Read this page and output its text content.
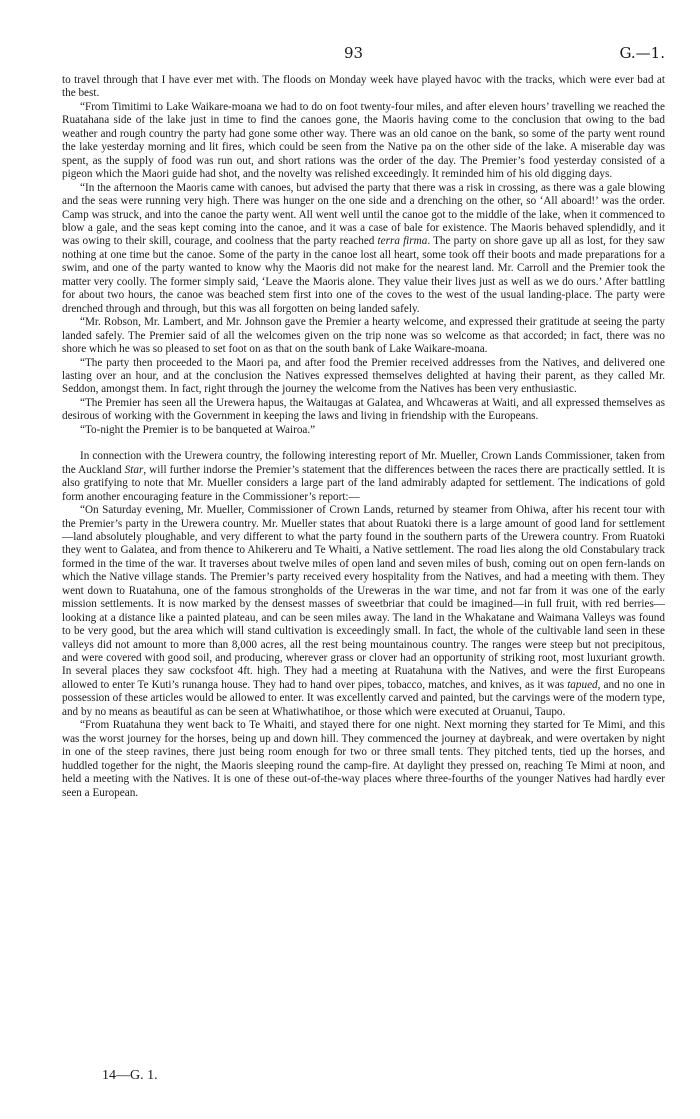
93	G.—1.

to travel through that I have ever met with. The floods on Monday week have played havoc with the tracks, which were ever bad at the best.

“From Timitimi to Lake Waikare-moana we had to do on foot twenty-four miles, and after eleven hours’ travelling we reached the Ruatahana side of the lake just in time to find the canoes gone, the Maoris having come to the conclusion that owing to the bad weather and rough country the party had gone some other way. There was an old canoe on the bank, so some of the party went round the lake yesterday morning and lit fires, which could be seen from the Native pa on the other side of the lake. A miserable day was spent, as the supply of food was run out, and short rations was the order of the day. The Premier’s food yesterday consisted of a pigeon which the Maori guide had shot, and the novelty was relished exceedingly. It reminded him of his old digging days.

“In the afternoon the Maoris came with canoes, but advised the party that there was a risk in crossing, as there was a gale blowing and the seas were running very high. There was hunger on the one side and a drenching on the other, so ‘All aboard!’ was the order. Camp was struck, and into the canoe the party went. All went well until the canoe got to the middle of the lake, when it commenced to blow a gale, and the seas kept coming into the canoe, and it was a case of bale for existence. The Maoris behaved splendidly, and it was owing to their skill, courage, and coolness that the party reached terra firma. The party on shore gave up all as lost, for they saw nothing at one time but the canoe. Some of the party in the canoe lost all heart, some took off their boots and made preparations for a swim, and one of the party wanted to know why the Maoris did not make for the nearest land. Mr. Carroll and the Premier took the matter very coolly. The former simply said, ‘Leave the Maoris alone. They value their lives just as well as we do ours.’ After battling for about two hours, the canoe was beached stem first into one of the coves to the west of the usual landing-place. The party were drenched through and through, but this was all forgotten on being landed safely.

“Mr. Robson, Mr. Lambert, and Mr. Johnson gave the Premier a hearty welcome, and expressed their gratitude at seeing the party landed safely. The Premier said of all the welcomes given on the trip none was so welcome as that accorded; in fact, there was no shore which he was so pleased to set foot on as that on the south bank of Lake Waikare-moana.

“The party then proceeded to the Maori pa, and after food the Premier received addresses from the Natives, and delivered one lasting over an hour, and at the conclusion the Natives expressed themselves delighted at having their parent, as they called Mr. Seddon, amongst them. In fact, right through the journey the welcome from the Natives has been very enthusiastic.

“The Premier has seen all the Urewera hapus, the Waitaugas at Galatea, and Whcaweras at Waiti, and all expressed themselves as desirous of working with the Government in keeping the laws and living in friendship with the Europeans.

“To-night the Premier is to be banqueted at Wairoa.”

In connection with the Urewera country, the following interesting report of Mr. Mueller, Crown Lands Commissioner, taken from the Auckland Star, will further indorse the Premier’s statement that the differences between the races there are practically settled. It is also gratifying to note that Mr. Mueller considers a large part of the land admirably adapted for settlement. The indications of gold form another encouraging feature in the Commissioner’s report:—

“On Saturday evening, Mr. Mueller, Commissioner of Crown Lands, returned by steamer from Ohiwa, after his recent tour with the Premier’s party in the Urewera country. Mr. Mueller states that about Ruatoki there is a large amount of good land for settlement—land absolutely ploughable, and very different to what the party found in the southern parts of the Urewera country. From Ruatoki they went to Galatea, and from thence to Ahikereru and Te Whaiti, a Native settlement. The road lies along the old Constabulary track formed in the time of the war. It traverses about twelve miles of open land and seven miles of bush, coming out on open fern-lands on which the Native village stands. The Premier’s party received every hospitality from the Natives, and had a meeting with them. They went down to Ruatahuna, one of the famous strongholds of the Ureweras in the war time, and not far from it was one of the early mission settlements. It is now marked by the densest masses of sweetbriar that could be imagined—in full fruit, with red berries—looking at a distance like a painted plateau, and can be seen miles away. The land in the Whakatane and Waimana Valleys was found to be very good, but the area which will stand cultivation is exceedingly small. In fact, the whole of the cultivable land seen in these valleys did not amount to more than 8,000 acres, all the rest being mountainous country. The ranges were steep but not precipitous, and were covered with good soil, and producing, wherever grass or clover had an opportunity of striking root, most luxuriant growth. In several places they saw cocksfoot 4ft. high. They had a meeting at Ruatahuna with the Natives, and were the first Europeans allowed to enter Te Kuti’s runanga house. They had to hand over pipes, tobacco, matches, and knives, as it was tapued, and no one in possession of these articles would be allowed to enter. It was excellently carved and painted, but the carvings were of the modern type, and by no means as beautiful as can be seen at Whatiwhatihoe, or those which were executed at Oruanui, Taupo.

“From Ruatahuna they went back to Te Whaiti, and stayed there for one night. Next morning they started for Te Mimi, and this was the worst journey for the horses, being up and down hill. They commenced the journey at daybreak, and were overtaken by night in one of the steep ravines, there just being room enough for two or three small tents. They pitched tents, tied up the horses, and huddled together for the night, the Maoris sleeping round the camp-fire. At daylight they pressed on, reaching Te Mimi at noon, and held a meeting with the Natives. It is one of these out-of-the-way places where three-fourths of the younger Natives had hardly ever seen a European.

14—G. 1.
